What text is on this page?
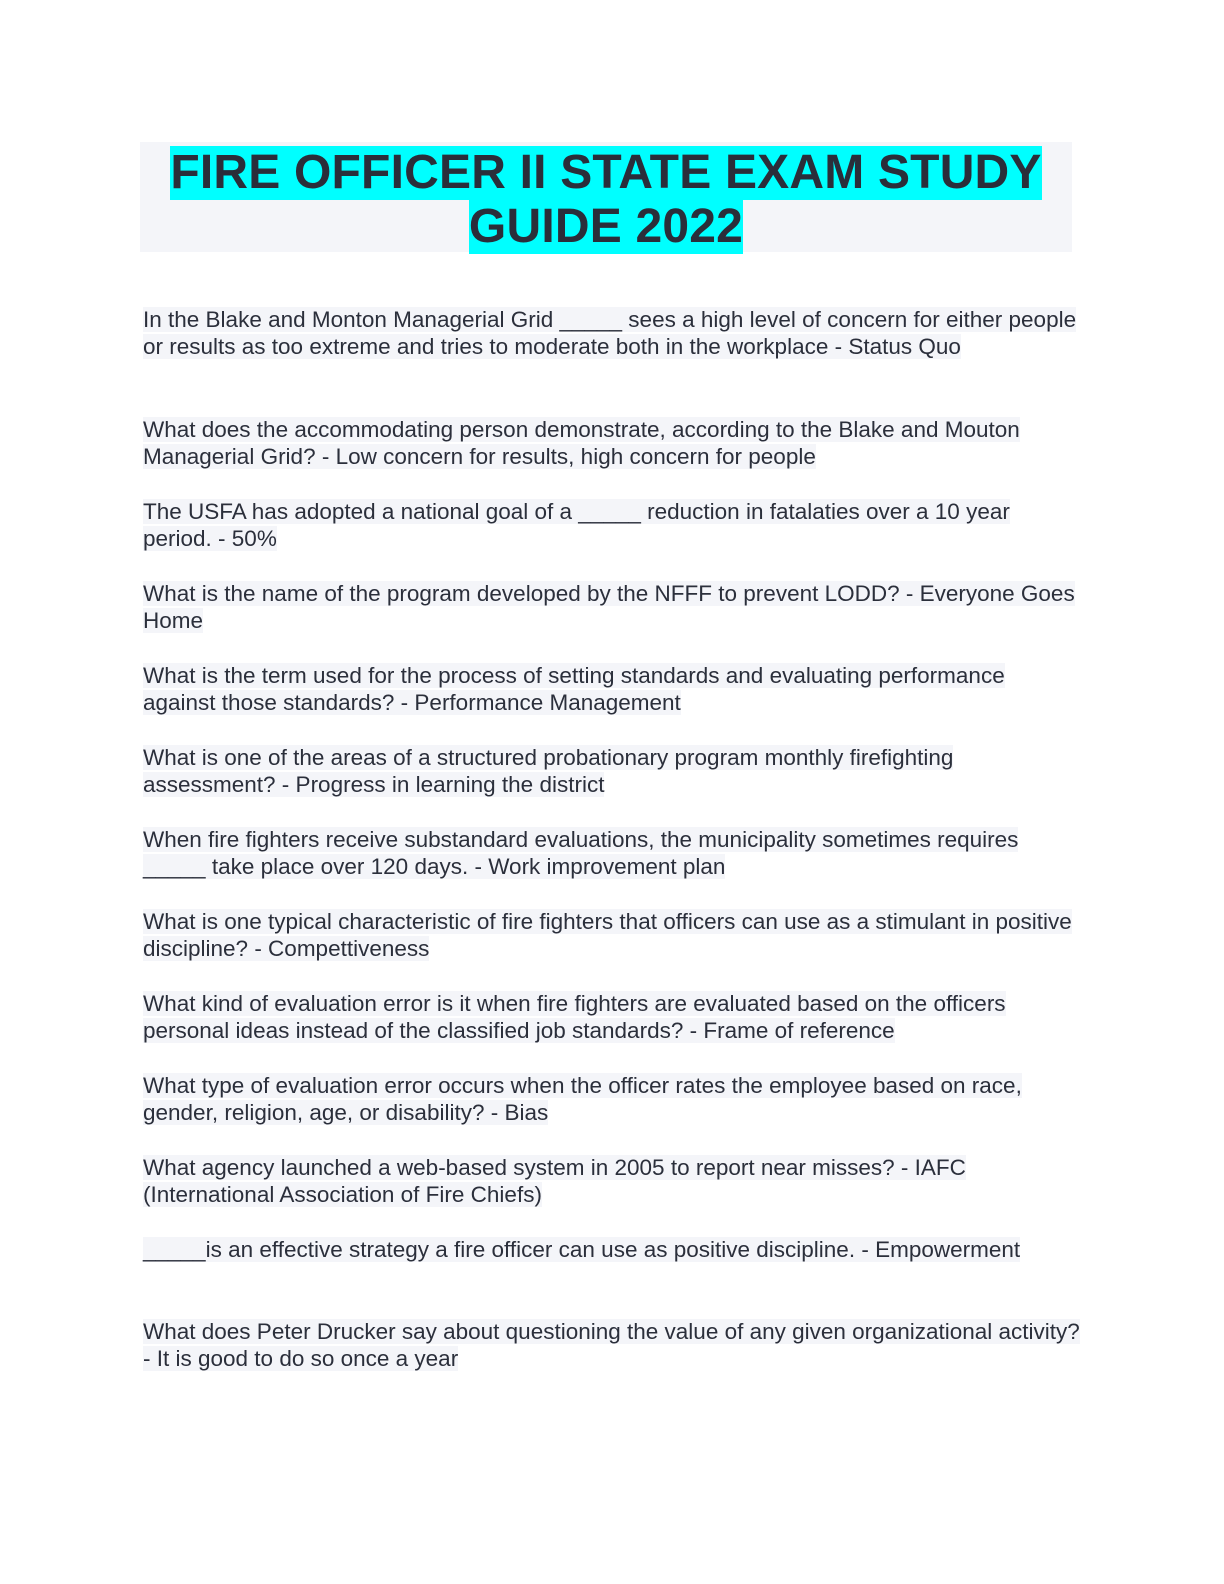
FIRE OFFICER II STATE EXAM STUDY
GUIDE 2022

In the Blake and Monton Managerial Grid _____ sees a high level of concern for either people or results as too extreme and tries to moderate both in the workplace - Status Quo

What does the accommodating person demonstrate, according to the Blake and Mouton Managerial Grid? - Low concern for results, high concern for people

The USFA has adopted a national goal of a _____ reduction in fatalaties over a 10 year period. - 50%

What is the name of the program developed by the NFFF to prevent LODD? - Everyone Goes Home

What is the term used for the process of setting standards and evaluating performance against those standards? - Performance Management

What is one of the areas of a structured probationary program monthly firefighting assessment? - Progress in learning the district

When fire fighters receive substandard evaluations, the municipality sometimes requires _____ take place over 120 days. - Work improvement plan

What is one typical characteristic of fire fighters that officers can use as a stimulant in positive discipline? - Compettiveness

What kind of evaluation error is it when fire fighters are evaluated based on the officers personal ideas instead of the classified job standards? - Frame of reference

What type of evaluation error occurs when the officer rates the employee based on race, gender, religion, age, or disability? - Bias

What agency launched a web-based system in 2005 to report near misses? - IAFC (International Association of Fire Chiefs)

_____is an effective strategy a fire officer can use as positive discipline. - Empowerment

What does Peter Drucker say about questioning the value of any given organizational activity? - It is good to do so once a year
